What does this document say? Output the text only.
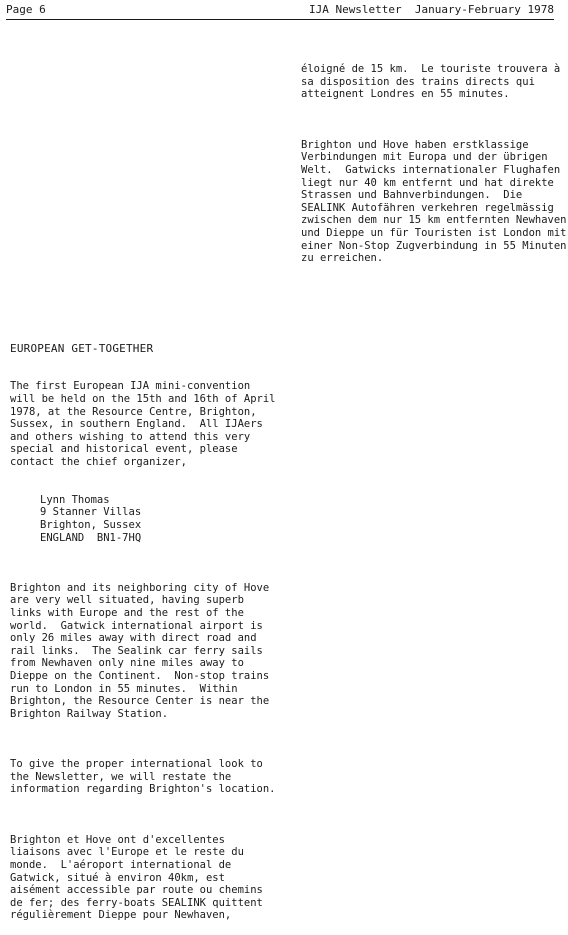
Page 6	IJA Newsletter January-February 1978

éloigné de 15 km.  Le touriste trouvera à
sa disposition des trains directs qui
atteignent Londres en 55 minutes.

Brighton und Hove haben erstklassige
Verbindungen mit Europa und der übrigen
Welt.  Gatwicks internationaler Flughafen
liegt nur 40 km entfernt und hat direkte
Strassen und Bahnverbindungen.  Die
SEALINK Autofähren verkehren regelmässig
zwischen dem nur 15 km entfernten Newhaven
und Dieppe un für Touristen ist London mit
einer Non-Stop Zugverbindung in 55 Minuten
zu erreichen.

EUROPEAN GET-TOGETHER

The first European IJA mini-convention
will be held on the 15th and 16th of April
1978, at the Resource Centre, Brighton,
Sussex, in southern England.  All IJAers
and others wishing to attend this very
special and historical event, please
contact the chief organizer,

Lynn Thomas
9 Stanner Villas
Brighton, Sussex
ENGLAND  BN1-7HQ

Brighton and its neighboring city of Hove
are very well situated, having superb
links with Europe and the rest of the
world.  Gatwick international airport is
only 26 miles away with direct road and
rail links.  The Sealink car ferry sails
from Newhaven only nine miles away to
Dieppe on the Continent.  Non-stop trains
run to London in 55 minutes.  Within
Brighton, the Resource Center is near the
Brighton Railway Station.

To give the proper international look to
the Newsletter, we will restate the
information regarding Brighton's location.

Brighton et Hove ont d'excellentes
liaisons avec l'Europe et le reste du
monde.  L'aéroport international de
Gatwick, situé à environ 40km, est
aisément accessible par route ou chemins
de fer; des ferry-boats SEALINK quittent
régulièrement Dieppe pour Newhaven,
